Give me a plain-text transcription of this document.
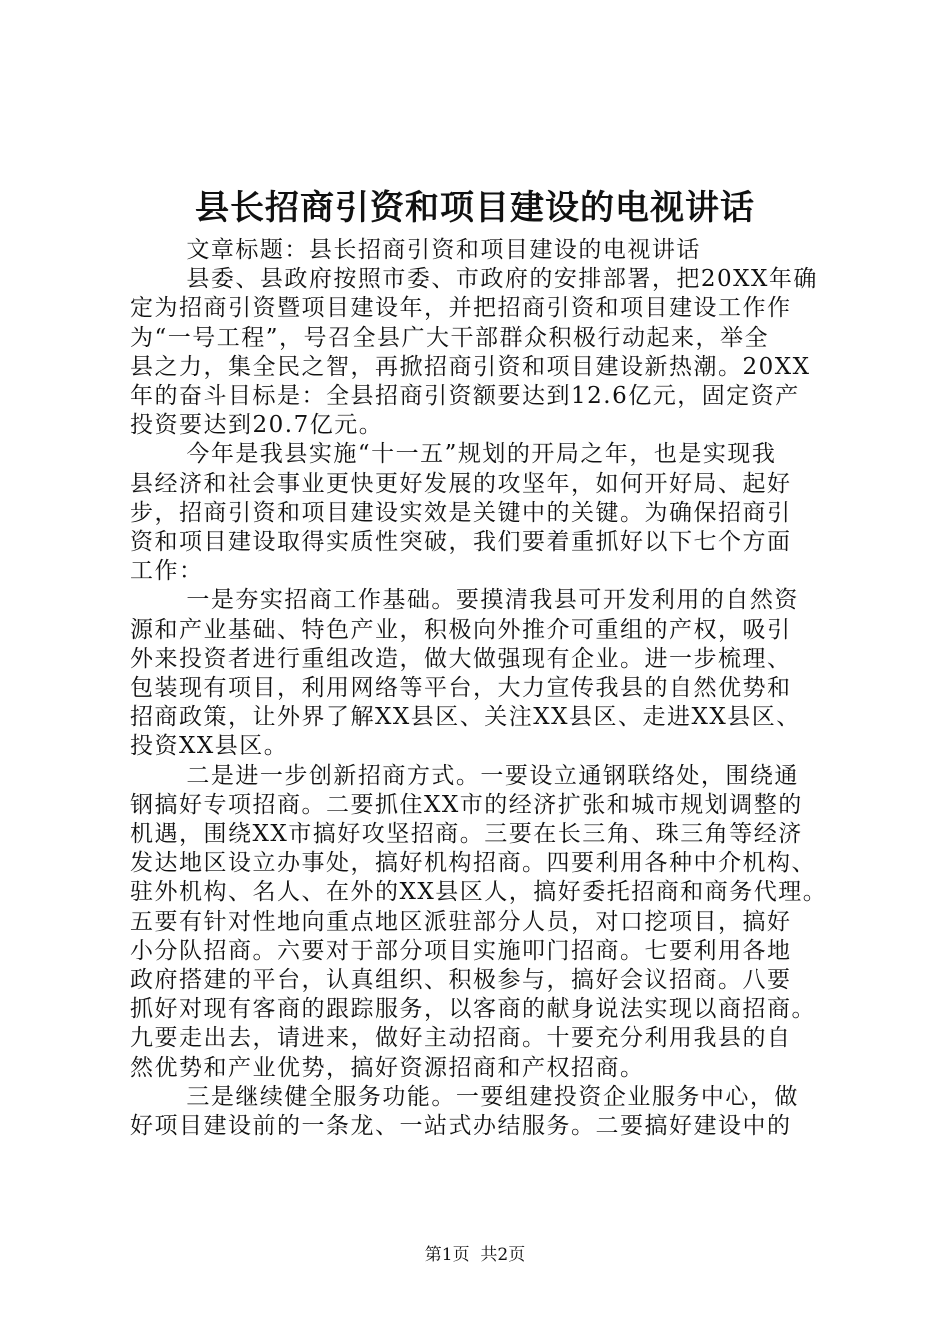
县长招商引资和项目建设的电视讲话

文章标题：县长招商引资和项目建设的电视讲话

县委、县政府按照市委、市政府的安排部署，把20XX年确
定为招商引资暨项目建设年，并把招商引资和项目建设工作作
为“一号工程”，号召全县广大干部群众积极行动起来，举全
县之力，集全民之智，再掀招商引资和项目建设新热潮。20XX
年的奋斗目标是：全县招商引资额要达到12.6亿元，固定资产
投资要达到20.7亿元。

今年是我县实施“十一五”规划的开局之年，也是实现我
县经济和社会事业更快更好发展的攻坚年，如何开好局、起好
步，招商引资和项目建设实效是关键中的关键。为确保招商引
资和项目建设取得实质性突破，我们要着重抓好以下七个方面
工作：

一是夯实招商工作基础。要摸清我县可开发利用的自然资
源和产业基础、特色产业，积极向外推介可重组的产权，吸引
外来投资者进行重组改造，做大做强现有企业。进一步梳理、
包装现有项目，利用网络等平台，大力宣传我县的自然优势和
招商政策，让外界了解XX县区、关注XX县区、走进XX县区、
投资XX县区。

二是进一步创新招商方式。一要设立通钢联络处，围绕通
钢搞好专项招商。二要抓住XX市的经济扩张和城市规划调整的
机遇，围绕XX市搞好攻坚招商。三要在长三角、珠三角等经济
发达地区设立办事处，搞好机构招商。四要利用各种中介机构、
驻外机构、名人、在外的XX县区人，搞好委托招商和商务代理。
五要有针对性地向重点地区派驻部分人员，对口挖项目，搞好
小分队招商。六要对于部分项目实施叩门招商。七要利用各地
政府搭建的平台，认真组织、积极参与，搞好会议招商。八要
抓好对现有客商的跟踪服务，以客商的献身说法实现以商招商。
九要走出去，请进来，做好主动招商。十要充分利用我县的自
然优势和产业优势，搞好资源招商和产权招商。

三是继续健全服务功能。一要组建投资企业服务中心，做
好项目建设前的一条龙、一站式办结服务。二要搞好建设中的

第1页 共2页
